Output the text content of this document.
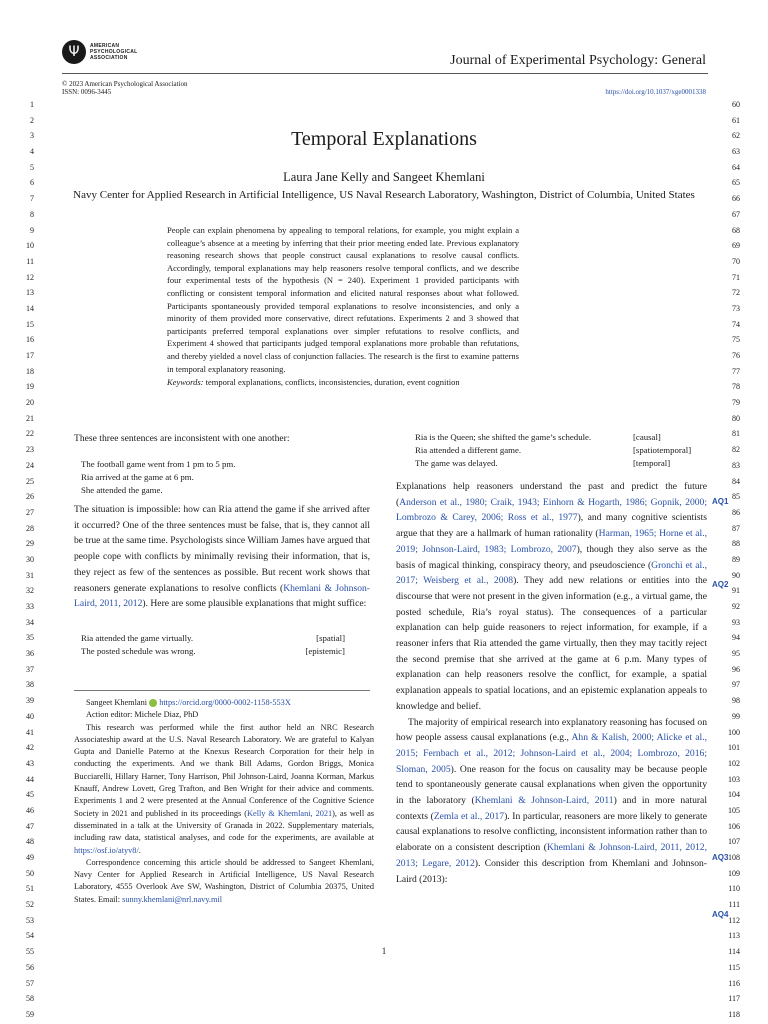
Ψ	AMERICAN
PSYCHOLOGICAL
ASSOCIATION	Journal of Experimental Psychology: General
© 2023 American Psychological Association
ISSN: 0096-3445	https://doi.org/10.1037/xge0001338
1
2
3
4
5
6
7
8
9
10
11
12
13
14
15
16
17
18
19
20
21
22
23
24
25
26
27
28
29
30
31
32
33
34
35
36
37
38
39
40
41
42
43
44
45
46
47
48
49
50
51
52
53
54
55
56
57
58
59
60
61
62
63
64
65
66
67
68
69
70
71
72
73
74
75
76
77
78
79
80
81
82
83
84
85
86
87
88
89
90
91
92
93
94
95
96
97
98
99
100
101
102
103
104
105
106
107
108
109
110
111
112
113
114
115
116
117
118
Temporal Explanations
Laura Jane Kelly and Sangeet Khemlani
Navy Center for Applied Research in Artificial Intelligence, US Naval Research Laboratory, Washington, District of Columbia, United States
People can explain phenomena by appealing to temporal relations, for example, you might explain a colleague’s absence at a meeting by inferring that their prior meeting ended late. Previous explanatory reasoning research shows that people construct causal explanations to resolve causal conflicts. Accordingly, temporal explanations may help reasoners resolve temporal conflicts, and we describe four experimental tests of the hypothesis (N = 240). Experiment 1 provided participants with conflicting or consistent temporal information and elicited natural responses about what followed. Participants spontaneously provided temporal explanations to resolve inconsistencies, and only a minority of them provided more conservative, direct refutations. Experiments 2 and 3 showed that participants preferred temporal explanations over simpler refutations to resolve conflicts, and Experiment 4 showed that participants judged temporal explanations more probable than refutations, and thereby yielded a novel class of conjunction fallacies. The research is the first to examine patterns in temporal explanatory reasoning.
Keywords: temporal explanations, conflicts, inconsistencies, duration, event cognition
These three sentences are inconsistent with one another:
The football game went from 1 pm to 5 pm.
Ria arrived at the game at 6 pm.
She attended the game.

The situation is impossible: how can Ria attend the game if she arrived after it occurred? One of the three sentences must be false, that is, they cannot all be true at the same time. Psychologists since William James have argued that people cope with conflicts by minimally revising their information, that is, they reject as few of the sentences as possible. But recent work shows that reasoners generate explanations to resolve conflicts (Khemlani & Johnson-Laird, 2011, 2012). Here are some plausible explanations that might suffice:

Ria attended the game virtually.	[spatial]
The posted schedule was wrong.	[epistemic]

Sangeet Khemlani https://orcid.org/0000-0002-1158-553X

Action editor: Michele Diaz, PhD

This research was performed while the first author held an NRC Research Associateship award at the U.S. Naval Research Laboratory. We are grateful to Kalyan Gupta and Danielle Paterno at the Knexus Research Corporation for their help in conducting the experiments. And we thank Bill Adams, Gordon Briggs, Monica Bucciarelli, Hillary Harner, Tony Harrison, Phil Johnson-Laird, Joanna Korman, Markus Knauff, Andrew Lovett, Greg Trafton, and Ben Wright for their advice and comments. Experiments 1 and 2 were presented at the Annual Conference of the Cognitive Science Society in 2021 and published in its proceedings (Kelly & Khemlani, 2021), as well as disseminated in a talk at the University of Granada in 2022. Supplementary materials, including raw data, statistical analyses, and code for the experiments, are available at https://osf.io/atyv8/.

Correspondence concerning this article should be addressed to Sangeet Khemlani, Navy Center for Applied Research in Artificial Intelligence, US Naval Research Laboratory, 4555 Overlook Ave SW, Washington, District of Columbia 20375, United States. Email: sunny.khemlani@nrl.navy.mil

Ria is the Queen; she shifted the game’s schedule.	[causal]
Ria attended a different game.	[spatiotemporal]
The game was delayed.	[temporal]

Explanations help reasoners understand the past and predict the future (Anderson et al., 1980; Craik, 1943; Einhorn & Hogarth, 1986; Gopnik, 2000; Lombrozo & Carey, 2006; Ross et al., 1977), and many cognitive scientists argue that they are a hallmark of human rationality (Harman, 1965; Horne et al., 2019; Johnson-Laird, 1983; Lombrozo, 2007), though they also serve as the basis of magical thinking, conspiracy theory, and pseudoscience (Gronchi et al., 2017; Weisberg et al., 2008). They add new relations or entities into the discourse that were not present in the given information (e.g., a virtual game, the posted schedule, Ria’s royal status). The consequences of a particular explanation can help guide reasoners to reject information, for example, if a reasoner infers that Ria attended the game virtually, then they may tacitly reject the second premise that she arrived at the game at 6 p.m. Many types of explanation can help reasoners resolve the conflict, for example, a spatial explanation appeals to spatial locations, and an epistemic explanation appeals to knowledge and belief.

The majority of empirical research into explanatory reasoning has focused on how people assess causal explanations (e.g., Ahn & Kalish, 2000; Alicke et al., 2015; Fernbach et al., 2012; Johnson-Laird et al., 2004; Lombrozo, 2016; Sloman, 2005). One reason for the focus on causality may be because people tend to spontaneously generate causal explanations when given the opportunity in the laboratory (Khemlani & Johnson-Laird, 2011) and in more natural contexts (Zemla et al., 2017). In particular, reasoners are more likely to generate causal explanations to resolve conflicting, inconsistent information rather than to elaborate on a consistent description (Khemlani & Johnson-Laird, 2011, 2012, 2013; Legare, 2012). Consider this description from Khemlani and Johnson-Laird (2013):

AQ1
AQ2
AQ3
AQ4
1
